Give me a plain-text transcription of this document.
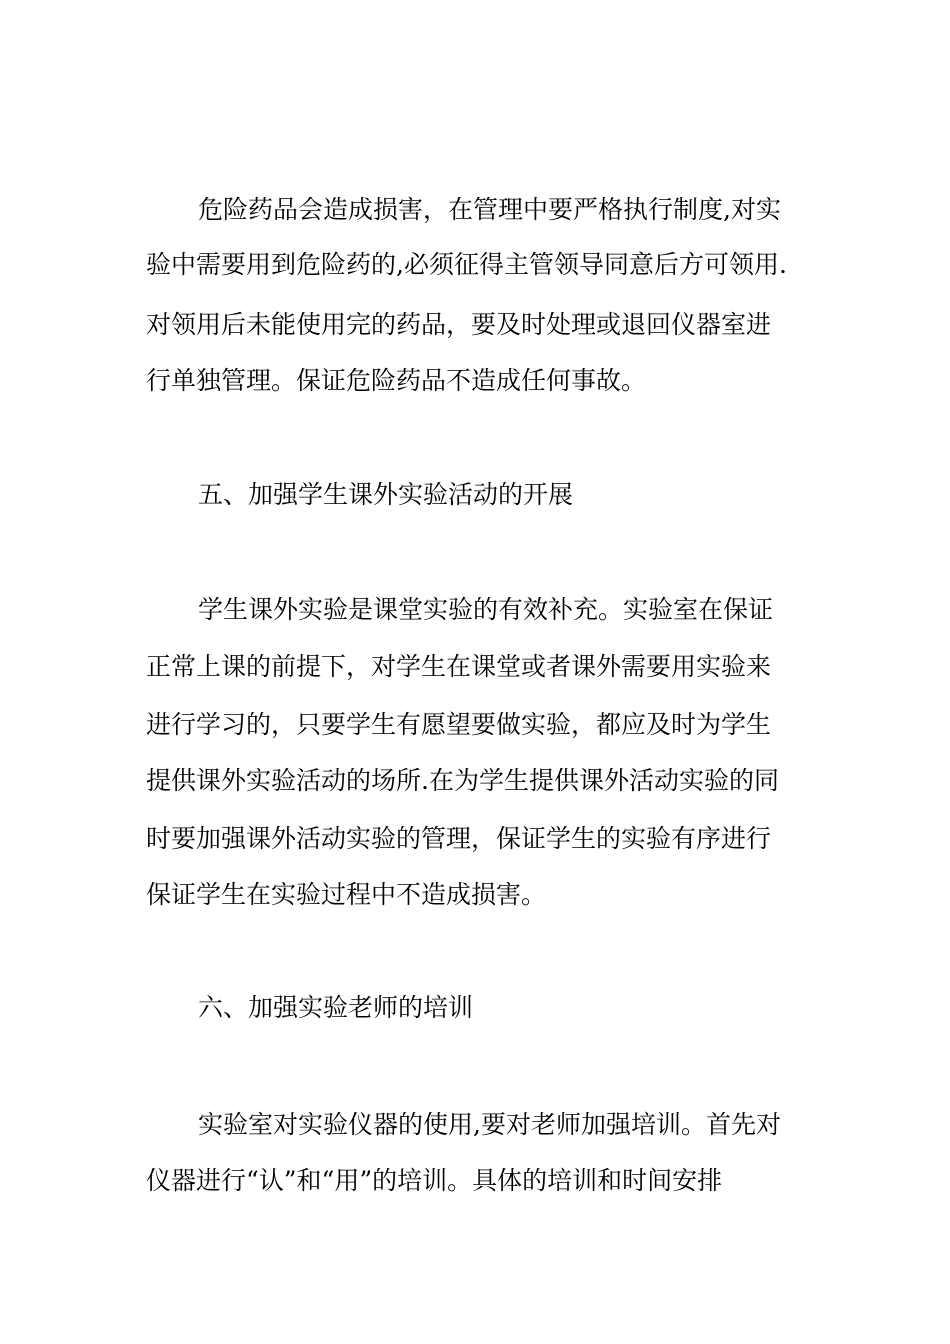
危险药品会造成损害，在管理中要严格执行制度,对实
验中需要用到危险药的,必须征得主管领导同意后方可领用.
对领用后未能使用完的药品，要及时处理或退回仪器室进
行单独管理。保证危险药品不造成任何事故。
五、加强学生课外实验活动的开展
学生课外实验是课堂实验的有效补充。实验室在保证
正常上课的前提下，对学生在课堂或者课外需要用实验来
进行学习的，只要学生有愿望要做实验，都应及时为学生
提供课外实验活动的场所.在为学生提供课外活动实验的同
时要加强课外活动实验的管理，保证学生的实验有序进行
保证学生在实验过程中不造成损害。
六、加强实验老师的培训
实验室对实验仪器的使用,要对老师加强培训。首先对
仪器进行“认”和“用”的培训。具体的培训和时间安排
